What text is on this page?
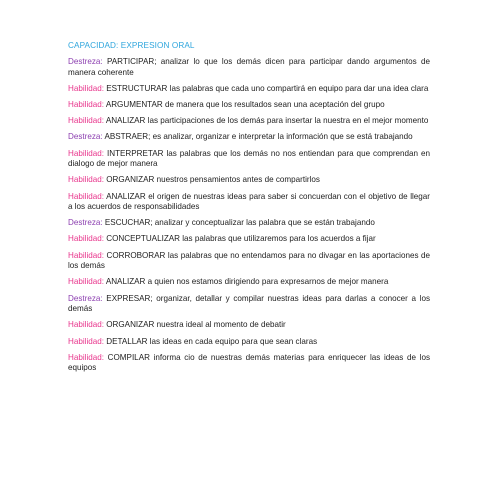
CAPACIDAD: EXPRESION ORAL
Destreza: PARTICIPAR; analizar lo que los demás dicen para participar dando argumentos de manera coherente
Habilidad: ESTRUCTURAR las palabras que cada uno compartirá en equipo para dar una idea clara
Habilidad: ARGUMENTAR de manera que los resultados sean una aceptación del grupo
Habilidad: ANALIZAR las participaciones de los demás para insertar la nuestra en el mejor momento
Destreza: ABSTRAER; es analizar, organizar e interpretar la información que se está trabajando
Habilidad: INTERPRETAR las palabras que los demás no nos entiendan para que comprendan en dialogo de mejor manera
Habilidad: ORGANIZAR nuestros pensamientos antes de compartirlos
Habilidad: ANALIZAR el origen de nuestras ideas para saber si concuerdan con el objetivo de llegar a los acuerdos de responsabilidades
Destreza: ESCUCHAR; analizar y conceptualizar las palabra que se están trabajando
Habilidad: CONCEPTUALIZAR las palabras que utilizaremos para los acuerdos a fijar
Habilidad: CORROBORAR las palabras que no entendamos para no divagar en las aportaciones de los demás
Habilidad: ANALIZAR a quien nos estamos dirigiendo para expresarnos de mejor manera
Destreza: EXPRESAR; organizar, detallar y compilar nuestras ideas para darlas a conocer a los demás
Habilidad: ORGANIZAR nuestra ideal al momento de debatir
Habilidad: DETALLAR las ideas en cada equipo para que sean claras
Habilidad: COMPILAR informa cio de nuestras demás materias para enriquecer las ideas de los equipos
